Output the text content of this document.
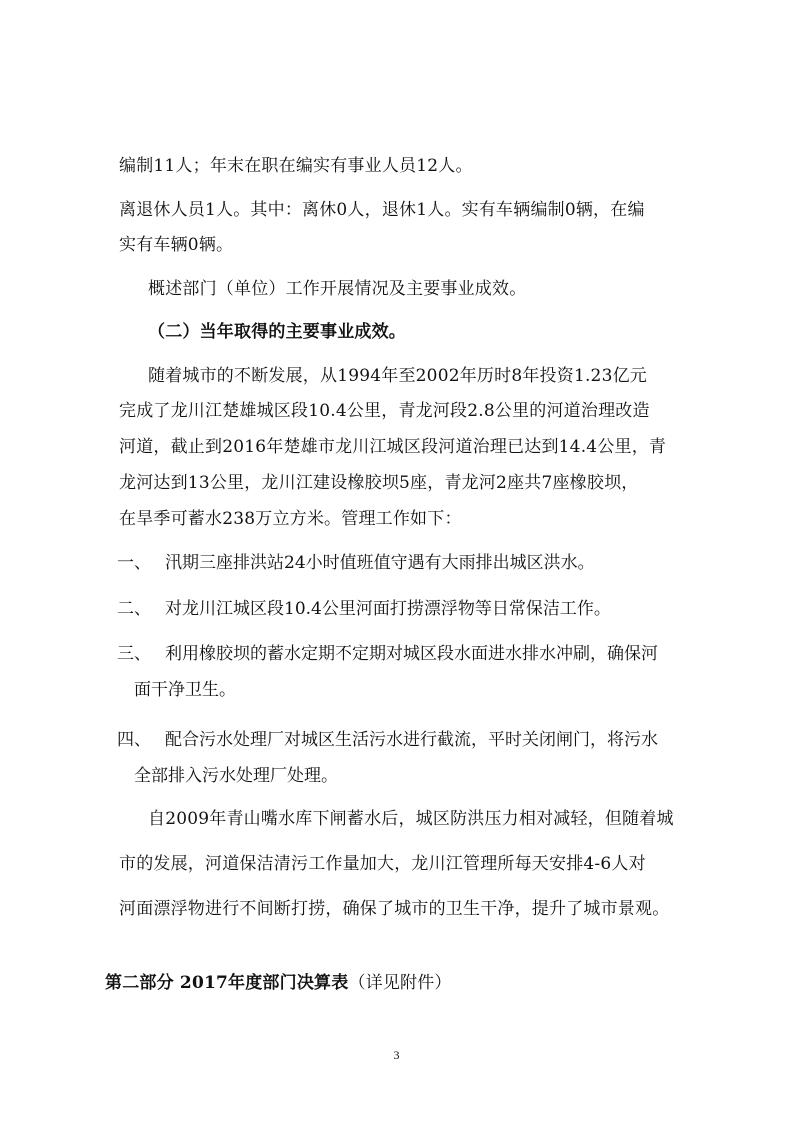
编制11人；年末在职在编实有事业人员12人。
离退休人员1人。其中：离休0人，退休1人。实有车辆编制0辆，在编
实有车辆0辆。
概述部门（单位）工作开展情况及主要事业成效。
（二）当年取得的主要事业成效。
随着城市的不断发展，从1994年至2002年历时8年投资1.23亿元
完成了龙川江楚雄城区段10.4公里，青龙河段2.8公里的河道治理改造
河道，截止到2016年楚雄市龙川江城区段河道治理已达到14.4公里，青
龙河达到13公里，龙川江建设橡胶坝5座，青龙河2座共7座橡胶坝，
在旱季可蓄水238万立方米。管理工作如下：
一、 汛期三座排洪站24小时值班值守遇有大雨排出城区洪水。
二、 对龙川江城区段10.4公里河面打捞漂浮物等日常保洁工作。
三、 利用橡胶坝的蓄水定期不定期对城区段水面进水排水冲刷，确保河
面干净卫生。
四、 配合污水处理厂对城区生活污水进行截流，平时关闭闸门，将污水
全部排入污水处理厂处理。
自2009年青山嘴水库下闸蓄水后，城区防洪压力相对减轻，但随着城
市的发展，河道保洁清污工作量加大，龙川江管理所每天安排4-6人对
河面漂浮物进行不间断打捞，确保了城市的卫生干净，提升了城市景观。
第二部分 2017年度部门决算表（详见附件）
3
